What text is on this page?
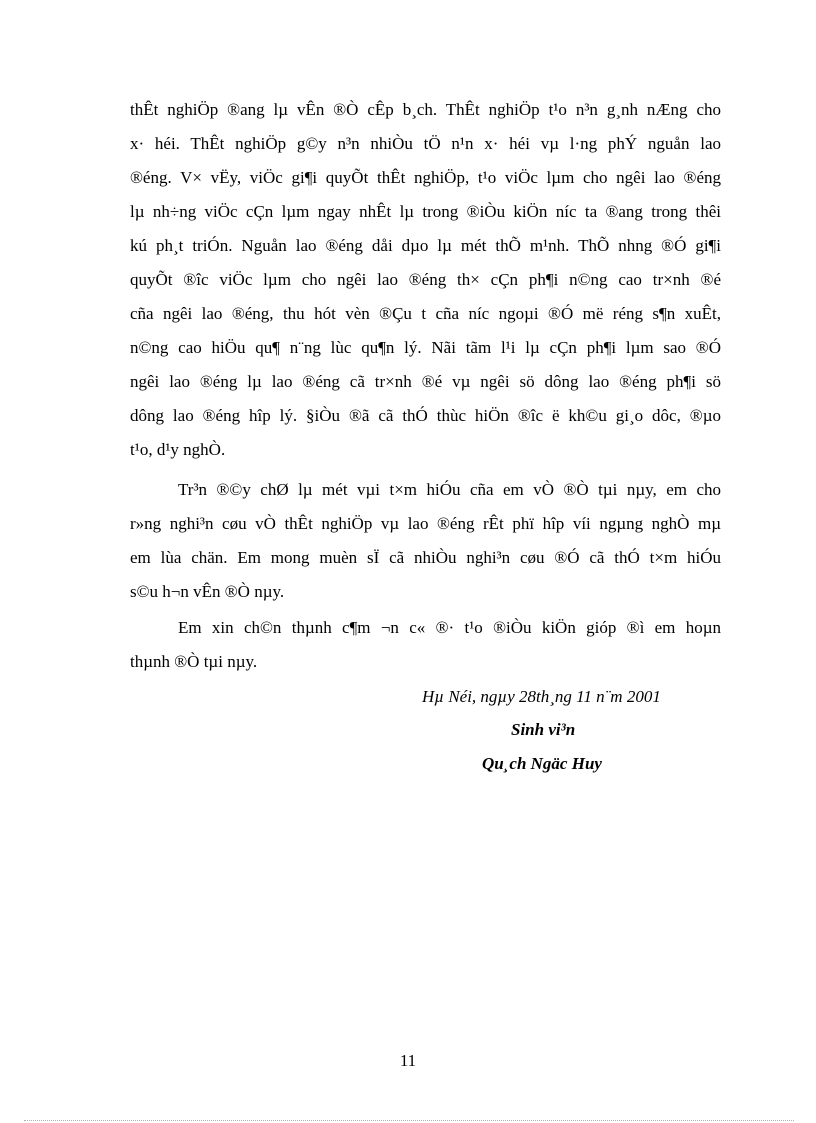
thÊt nghiÖp ®ang lµ vÊn ®Ò cÊp b¸ch. ThÊt nghiÖp t¹o n³n g¸nh nÆng cho
x· héi. ThÊt nghiÖp g©y n³n nhiÒu tÖ n¹n x· héi vµ l·ng phÝ nguån lao
®éng. V× vËy, viÖc gi¶i quyÕt thÊt nghiÖp, t¹o viÖc lµm cho ngêi lao ®éng
lµ nh÷ng viÖc cÇn lµm ngay nhÊt lµ trong ®iÒu kiÖn níc ta ®ang trong thêi
kú ph¸t triÓn. Nguån lao ®éng dåi dµo lµ mét thÕ m¹nh. ThÕ nhng ®Ó gi¶i
quyÕt ®îc viÖc lµm cho ngêi lao ®éng th× cÇn ph¶i n©ng cao tr×nh ®é
cña ngêi lao ®éng, thu hót vèn ®Çu t cña níc ngoµi ®Ó më réng s¶n xuÊt,
n©ng cao hiÖu qu¶ n¨ng lùc qu¶n lý. Nãi tãm l¹i lµ cÇn ph¶i lµm sao ®Ó
ngêi lao ®éng lµ lao ®éng cã tr×nh ®é vµ ngêi sö dông lao ®éng ph¶i sö
dông lao ®éng hîp lý. §iÒu ®ã cã thÓ thùc hiÖn ®îc ë kh©u gi¸o dôc, ®µo
t¹o, d¹y nghÒ.
Tr³n ®©y chØ lµ mét vµi t×m hiÓu cña em vÒ ®Ò tµi nµy, em cho
r»ng nghi³n cøu vÒ thÊt nghiÖp vµ lao ®éng rÊt phï hîp víi ngµng nghÒ mµ
em lùa chän. Em mong muèn sÏ cã nhiÒu nghi³n cøu ®Ó cã thÓ t×m hiÓu
s©u h¬n vÊn ®Ò nµy.
Em xin ch©n thµnh c¶m ¬n c« ®· t¹o ®iÒu kiÖn gióp ®ì em hoµn
thµnh ®Ò tµi nµy.
Hµ Néi, ngµy 28th¸ng 11 n¨m 2001
Sinh vi³n
Qu¸ch Ngäc Huy
11
